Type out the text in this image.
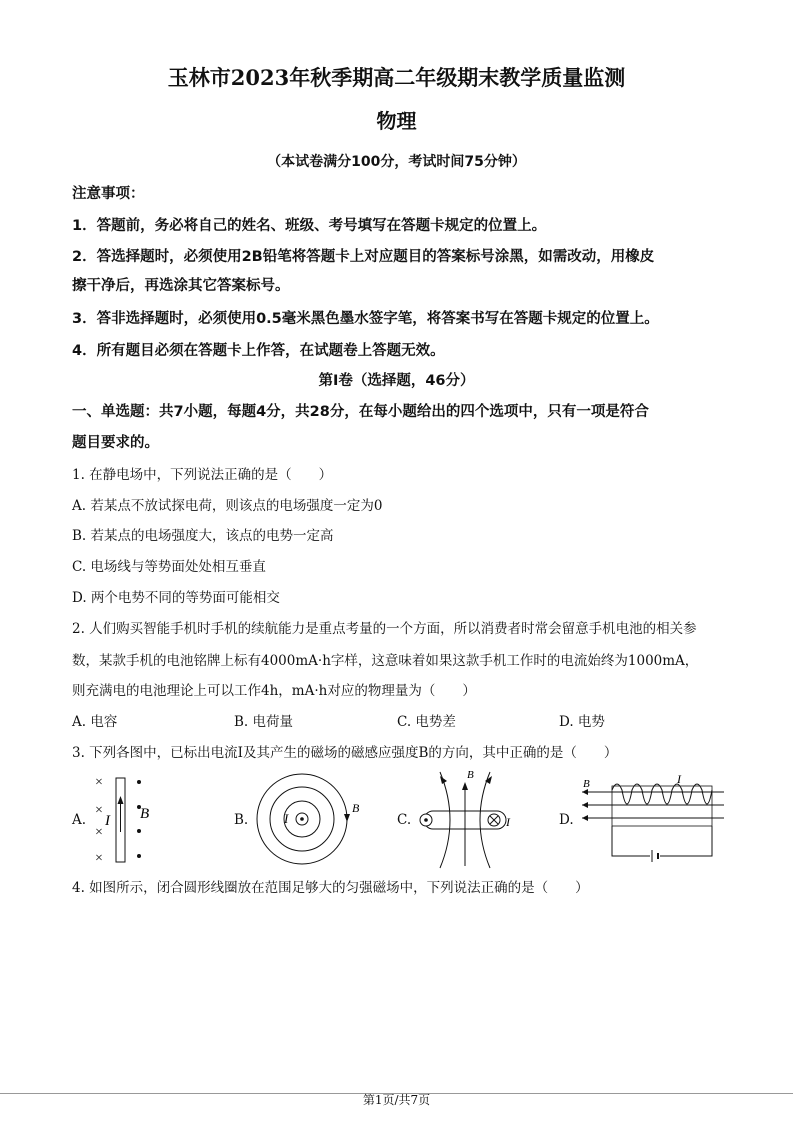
玉林市2023年秋季期高二年级期末教学质量监测
物理
（本试卷满分100分，考试时间75分钟）
注意事项：
1．答题前，务必将自己的姓名、班级、考号填写在答题卡规定的位置上。
2．答选择题时，必须使用2B铅笔将答题卡上对应题目的答案标号涂黑，如需改动，用橡皮
擦干净后，再选涂其它答案标号。
3．答非选择题时，必须使用0.5毫米黑色墨水签字笔，将答案书写在答题卡规定的位置上。
4．所有题目必须在答题卡上作答，在试题卷上答题无效。
第Ⅰ卷（选择题，46分）
一、单选题：共7小题，每题4分，共28分，在每小题给出的四个选项中，只有一项是符合
题目要求的。
1. 在静电场中，下列说法正确的是（　　）
A. 若某点不放试探电荷，则该点的电场强度一定为0
B. 若某点的电场强度大，该点的电势一定高
C. 电场线与等势面处处相互垂直
D. 两个电势不同的等势面可能相交
2. 人们购买智能手机时手机的续航能力是重点考量的一个方面，所以消费者时常会留意手机电池的相关参
数，某款手机的电池铭牌上标有4000mA·h字样，这意味着如果这款手机工作时的电流始终为1000mA，
则充满电的电池理论上可以工作4h，mA·h对应的物理量为（　　）
A. 电容	B. 电荷量	C. 电势差	D. 电势
3. 下列各图中，已标出电流I及其产生的磁场的磁感应强度B的方向，其中正确的是（　　）
A.	B.	C.	D.
×
×
×
×
I B	I
B
B
I
I
B
4. 如图所示，闭合圆形线圈放在范围足够大的匀强磁场中，下列说法正确的是（　　）
第1页/共7页
